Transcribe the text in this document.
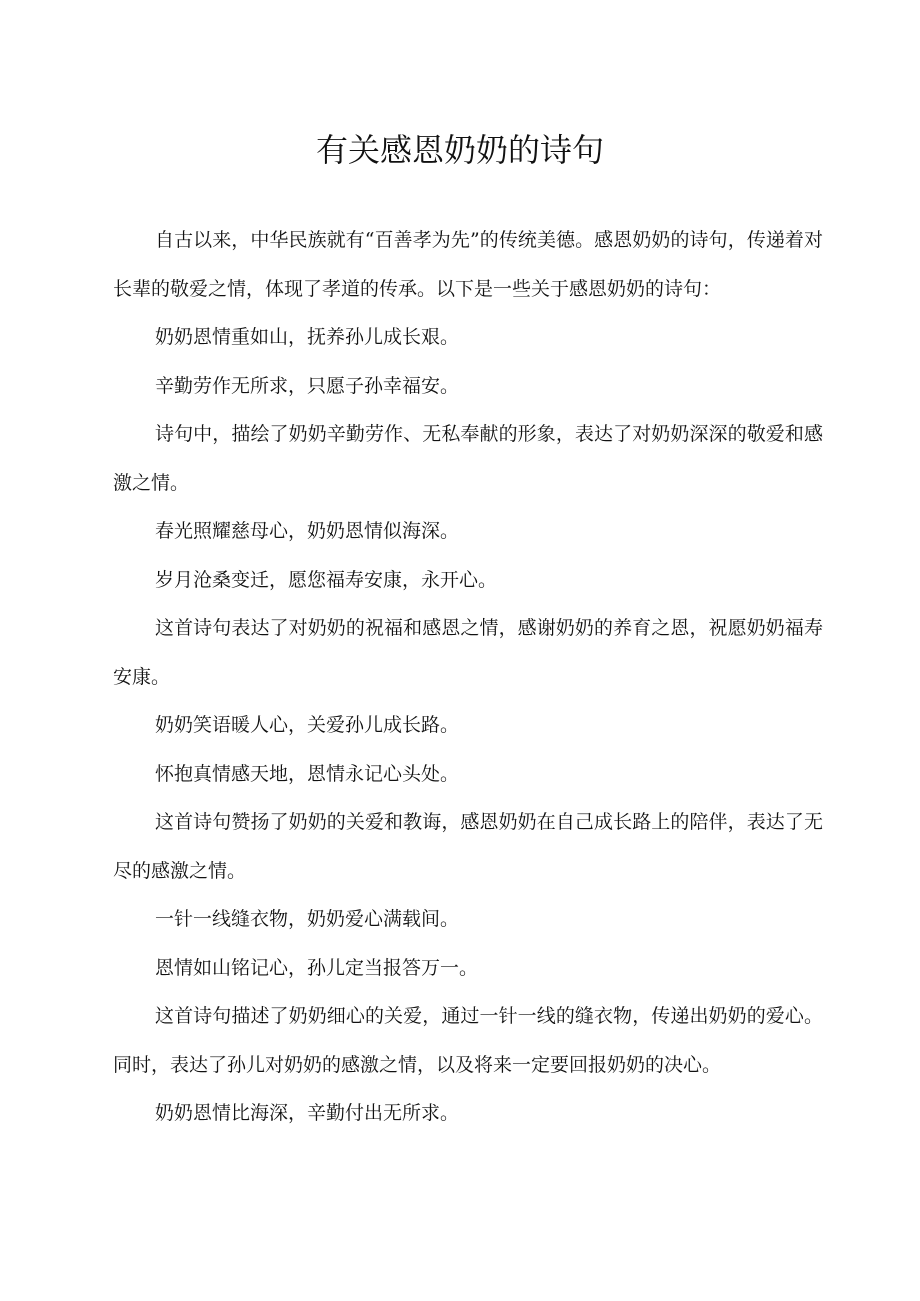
有关感恩奶奶的诗句

自古以来，中华民族就有“百善孝为先”的传统美德。感恩奶奶的诗句，传递着对长辈的敬爱之情，体现了孝道的传承。以下是一些关于感恩奶奶的诗句：

奶奶恩情重如山，抚养孙儿成长艰。

辛勤劳作无所求，只愿子孙幸福安。

诗句中，描绘了奶奶辛勤劳作、无私奉献的形象，表达了对奶奶深深的敬爱和感激之情。

春光照耀慈母心，奶奶恩情似海深。

岁月沧桑变迁，愿您福寿安康，永开心。

这首诗句表达了对奶奶的祝福和感恩之情，感谢奶奶的养育之恩，祝愿奶奶福寿安康。

奶奶笑语暖人心，关爱孙儿成长路。

怀抱真情感天地，恩情永记心头处。

这首诗句赞扬了奶奶的关爱和教诲，感恩奶奶在自己成长路上的陪伴，表达了无尽的感激之情。

一针一线缝衣物，奶奶爱心满载间。

恩情如山铭记心，孙儿定当报答万一。

这首诗句描述了奶奶细心的关爱，通过一针一线的缝衣物，传递出奶奶的爱心。同时，表达了孙儿对奶奶的感激之情，以及将来一定要回报奶奶的决心。

奶奶恩情比海深，辛勤付出无所求。
